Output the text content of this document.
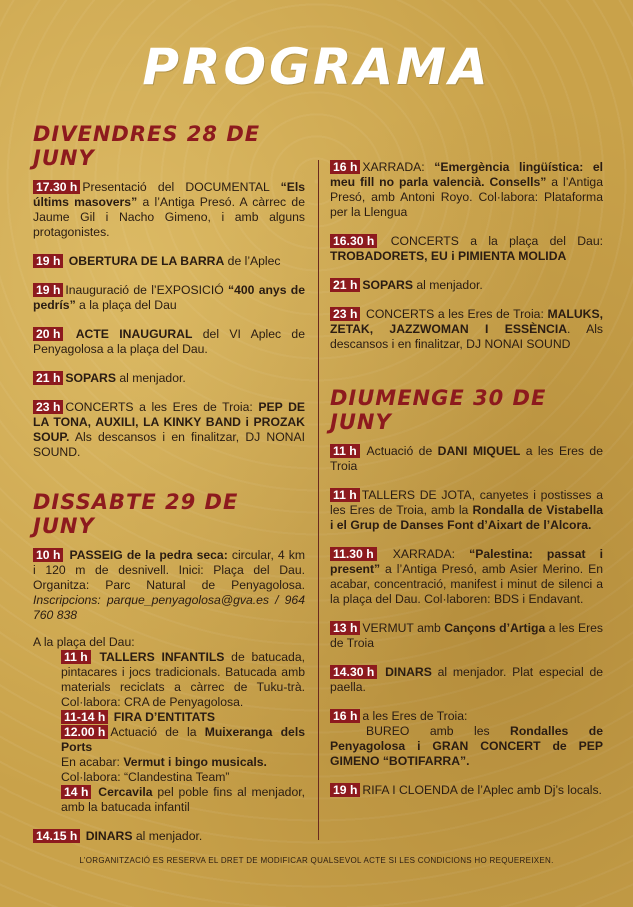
PROGRAMA
DIVENDRES 28 DE JUNY

17.30 h Presentació del DOCUMENTAL “Els últims masovers” a l’Antiga Presó. A càrrec de Jaume Gil i Nacho Gimeno, i amb alguns protagonistes.

19 h OBERTURA DE LA BARRA de l’Aplec

19 h Inauguració de l’EXPOSICIÓ “400 anys de pedrís” a la plaça del Dau

20 h ACTE INAUGURAL del VI Aplec de Penyagolosa a la plaça del Dau.

21 h SOPARS al menjador.

23 h CONCERTS a les Eres de Troia: PEP DE LA TONA, AUXILI, LA KINKY BAND i PROZAK SOUP. Als descansos i en finalitzar, DJ NONAI SOUND.

DISSABTE 29 DE JUNY

10 h PASSEIG de la pedra seca: circular, 4 km i 120 m de desnivell. Inici: Plaça del Dau. Organitza: Parc Natural de Penyagolosa. Inscripcions: parque_penyagolosa@gva.es / 964 760 838

A la plaça del Dau:

11 h TALLERS INFANTILS de batucada, pintacares i jocs tradicionals. Batucada amb materials reciclats a càrrec de Tuku-trà. Col·labora: CRA de Penyagolosa.

11-14 h FIRA D’ENTITATS

12.00 h Actuació de la Muixeranga dels Ports

En acabar: Vermut i bingo musicals.
Col·labora: “Clandestina Team”

14 h Cercavila pel poble fins al menjador, amb la batucada infantil

14.15 h DINARS al menjador.

16 h XARRADA: “Emergència lingüística: el meu fill no parla valencià. Consells” a l’Antiga Presó, amb Antoni Royo. Col·labora: Plataforma per la Llengua

16.30 h CONCERTS a la plaça del Dau: TROBADORETS, EU i PIMIENTA MOLIDA

21 h SOPARS al menjador.

23 h CONCERTS a les Eres de Troia: MALUKS, ZETAK, JAZZWOMAN I ESSÈNCIA. Als descansos i en finalitzar, DJ NONAI SOUND

DIUMENGE 30 DE JUNY

11 h Actuació de DANI MIQUEL a les Eres de Troia

11 h TALLERS DE JOTA, canyetes i postisses a les Eres de Troia, amb la Rondalla de Vistabella i el Grup de Danses Font d’Aixart de l’Alcora.

11.30 h XARRADA: “Palestina: passat i present” a l’Antiga Presó, amb Asier Merino. En acabar, concentració, manifest i minut de silenci a la plaça del Dau. Col·laboren: BDS i Endavant.

13 h VERMUT amb Cançons d’Artiga a les Eres de Troia

14.30 h DINARS al menjador. Plat especial de paella.

16 h a les Eres de Troia:
BUREO amb les Rondalles de Penyagolosa i GRAN CONCERT de PEP GIMENO “BOTIFARRA”.

19 h RIFA I CLOENDA de l’Aplec amb Dj’s locals.

L’ORGANITZACIÓ ES RESERVA EL DRET DE MODIFICAR QUALSEVOL ACTE SI LES CONDICIONS HO REQUEREIXEN.
